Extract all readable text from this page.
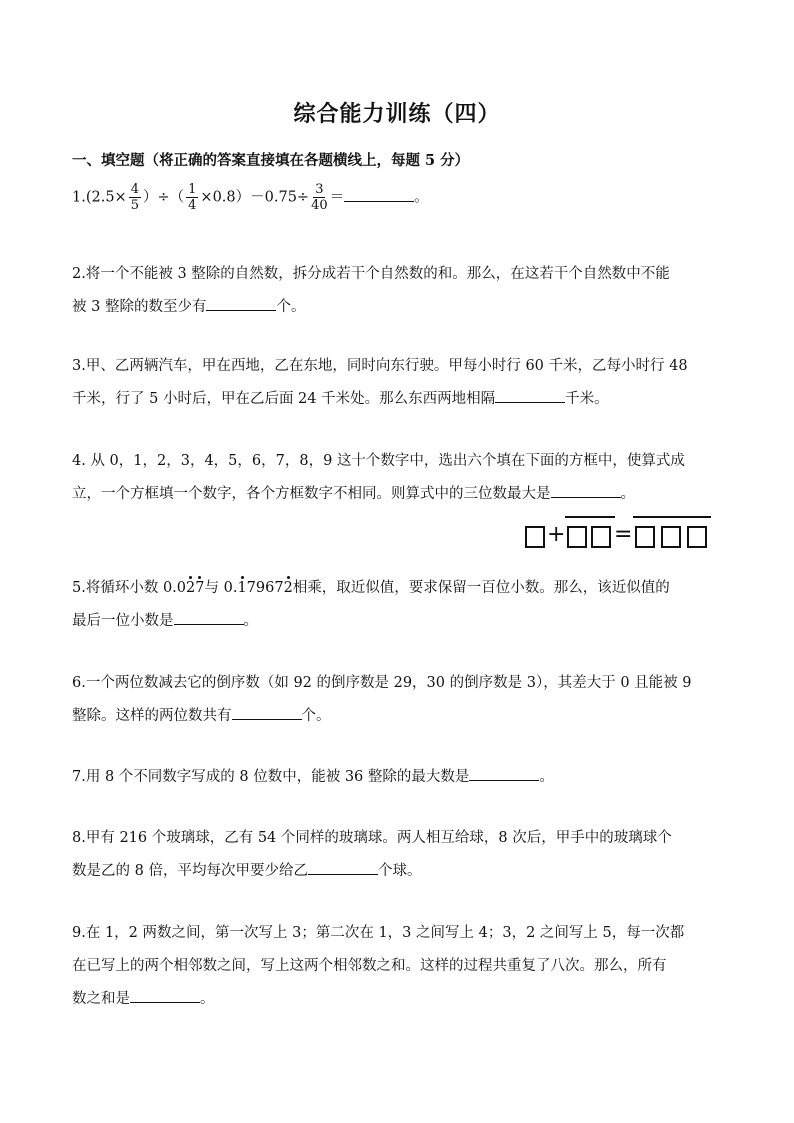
综合能力训练（四）
一、填空题（将正确的答案直接填在各题横线上，每题 5 分）
$1.(2.5\times \frac{4}{5}$ ）÷（ $\frac{1}{4} \times 0.8)-0.75\div \frac{3}{40}$ ＝	。
2.将一个不能被 3 整除的自然数，拆分成若干个自然数的和。那么，在这若干个自然数中不能
被 3 整除的数至少有	个。
3.甲、乙两辆汽车，甲在西地，乙在东地，同时向东行驶。甲每小时行 60 千米，乙每小时行 48
千米，行了 5 小时后，甲在乙后面 24 千米处。那么东西两地相隔	千米。
4. 从 0，1，2，3，4，5，6，7，8，9 这十个数字中，选出六个填在下面的方框中，使算式成
立，一个方框填一个数字，各个方框数字不相同。则算式中的三位数最大是	。
+ =
5.将循环小数 0.027与 0.179672相乘，取近似值，要求保留一百位小数。那么，该近似值的
最后一位小数是	。
6.一个两位数减去它的倒序数（如 92 的倒序数是 29，30 的倒序数是 3），其差大于 0 且能被 9
整除。这样的两位数共有	个。
7.用 8 个不同数字写成的 8 位数中，能被 36 整除的最大数是	。
8.甲有 216 个玻璃球，乙有 54 个同样的玻璃球。两人相互给球，8 次后，甲手中的玻璃球个
数是乙的 8 倍，平均每次甲要少给乙	个球。
9.在 1，2 两数之间，第一次写上 3；第二次在 1，3 之间写上 4；3，2 之间写上 5，每一次都
在已写上的两个相邻数之间，写上这两个相邻数之和。这样的过程共重复了八次。那么，所有
数之和是	。
